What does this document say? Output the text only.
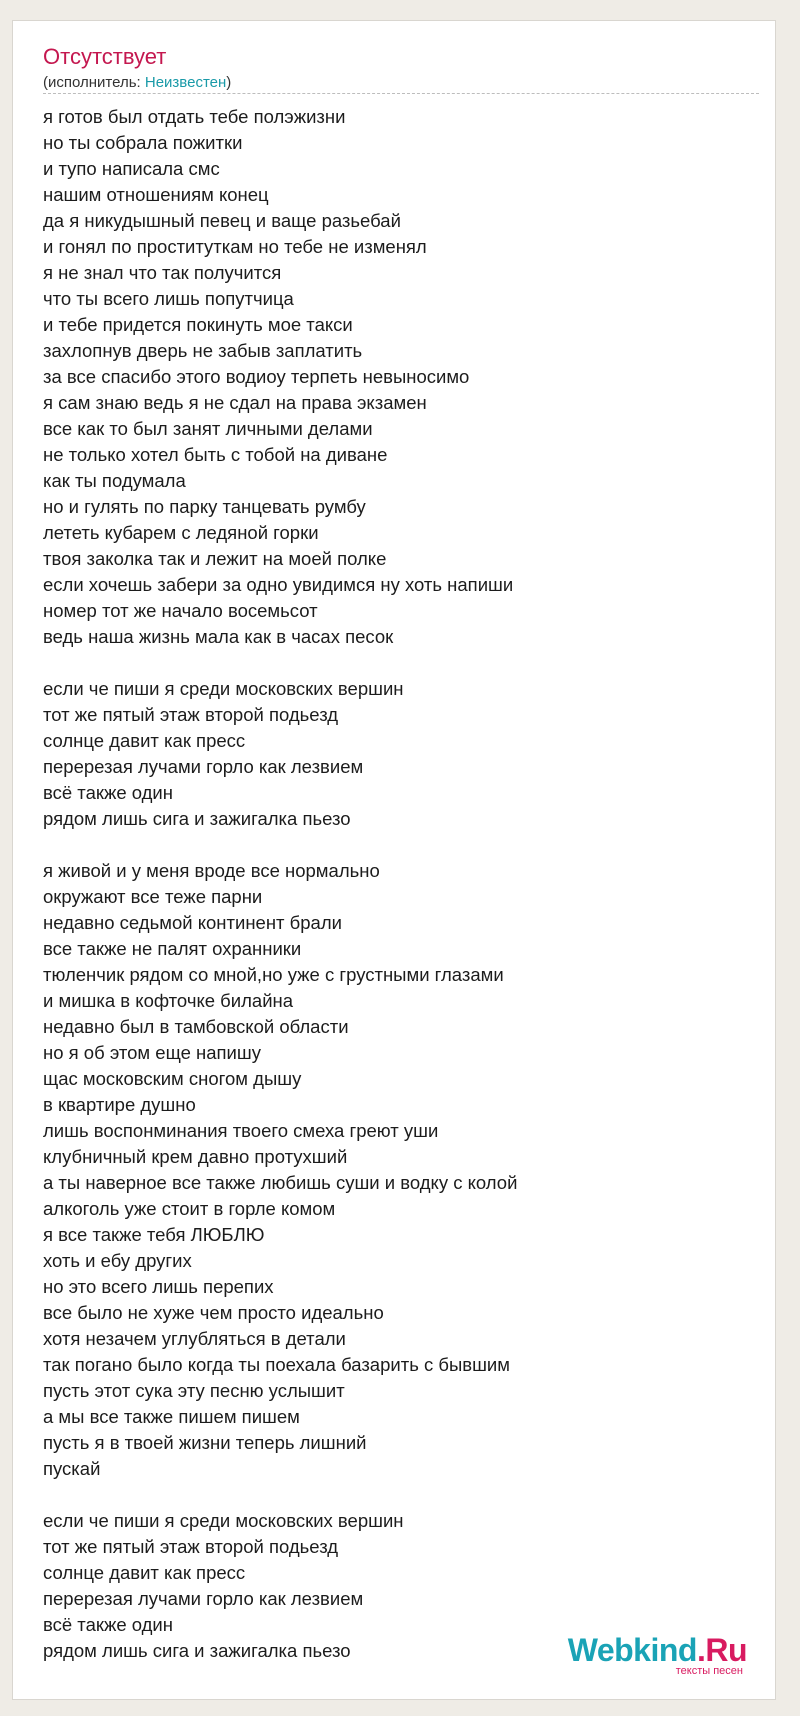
Отсутствует
(исполнитель: Неизвестен)
я готов был отдать тебе полэжизни
но ты собрала пожитки
и тупо написала смс
нашим отношениям конец
да я никудышный певец и ваще разьебай
и гонял по проституткам но тебе не изменял
я не знал что так получится
что ты всего лишь попутчица
и тебе придется покинуть мое такси
захлопнув дверь не забыв заплатить
за все спасибо этого водиоу терпеть невыносимо
я сам знаю ведь я не сдал на права экзамен
все как то был занят личными делами
не только хотел быть с тобой на диване
как ты подумала
но и гулять по парку танцевать румбу
лететь кубарем с ледяной горки
твоя заколка так и лежит на моей полке
если хочешь забери за одно увидимся ну хоть напиши
номер тот же начало восемьсот
ведь наша жизнь мала как в часах песок
если че пиши я среди московских вершин
тот же пятый этаж второй подьезд
солнце давит как пресс
перерезая лучами горло как лезвием
всё также один
рядом лишь сига и зажигалка пьезо
я живой и у меня вроде все нормально
окружают все теже парни
недавно седьмой континент брали
все также не палят охранники
тюленчик рядом со мной,но уже с грустными глазами
и мишка в кофточке билайна
недавно был в тамбовской области
но я об этом еще напишу
щас московским сногом дышу
в квартире душно
лишь воспонминания твоего смеха греют уши
клубничный крем давно протухший
а ты наверное все также любишь суши и водку с колой
алкоголь уже стоит в горле комом
я все также тебя ЛЮБЛЮ
хоть и ебу других
но это всего лишь перепих
все было не хуже чем просто идеально
хотя незачем углубляться в детали
так погано было когда ты поехала базарить с бывшим
пусть этот сука эту песню услышит
а мы все также пишем пишем
пусть я в твоей жизни теперь лишний
пускай
если че пиши я среди московских вершин
тот же пятый этаж второй подьезд
солнце давит как пресс
перерезая лучами горло как лезвием
всё также один
рядом лишь сига и зажигалка пьезо	Webkind.Ru
тексты песен
